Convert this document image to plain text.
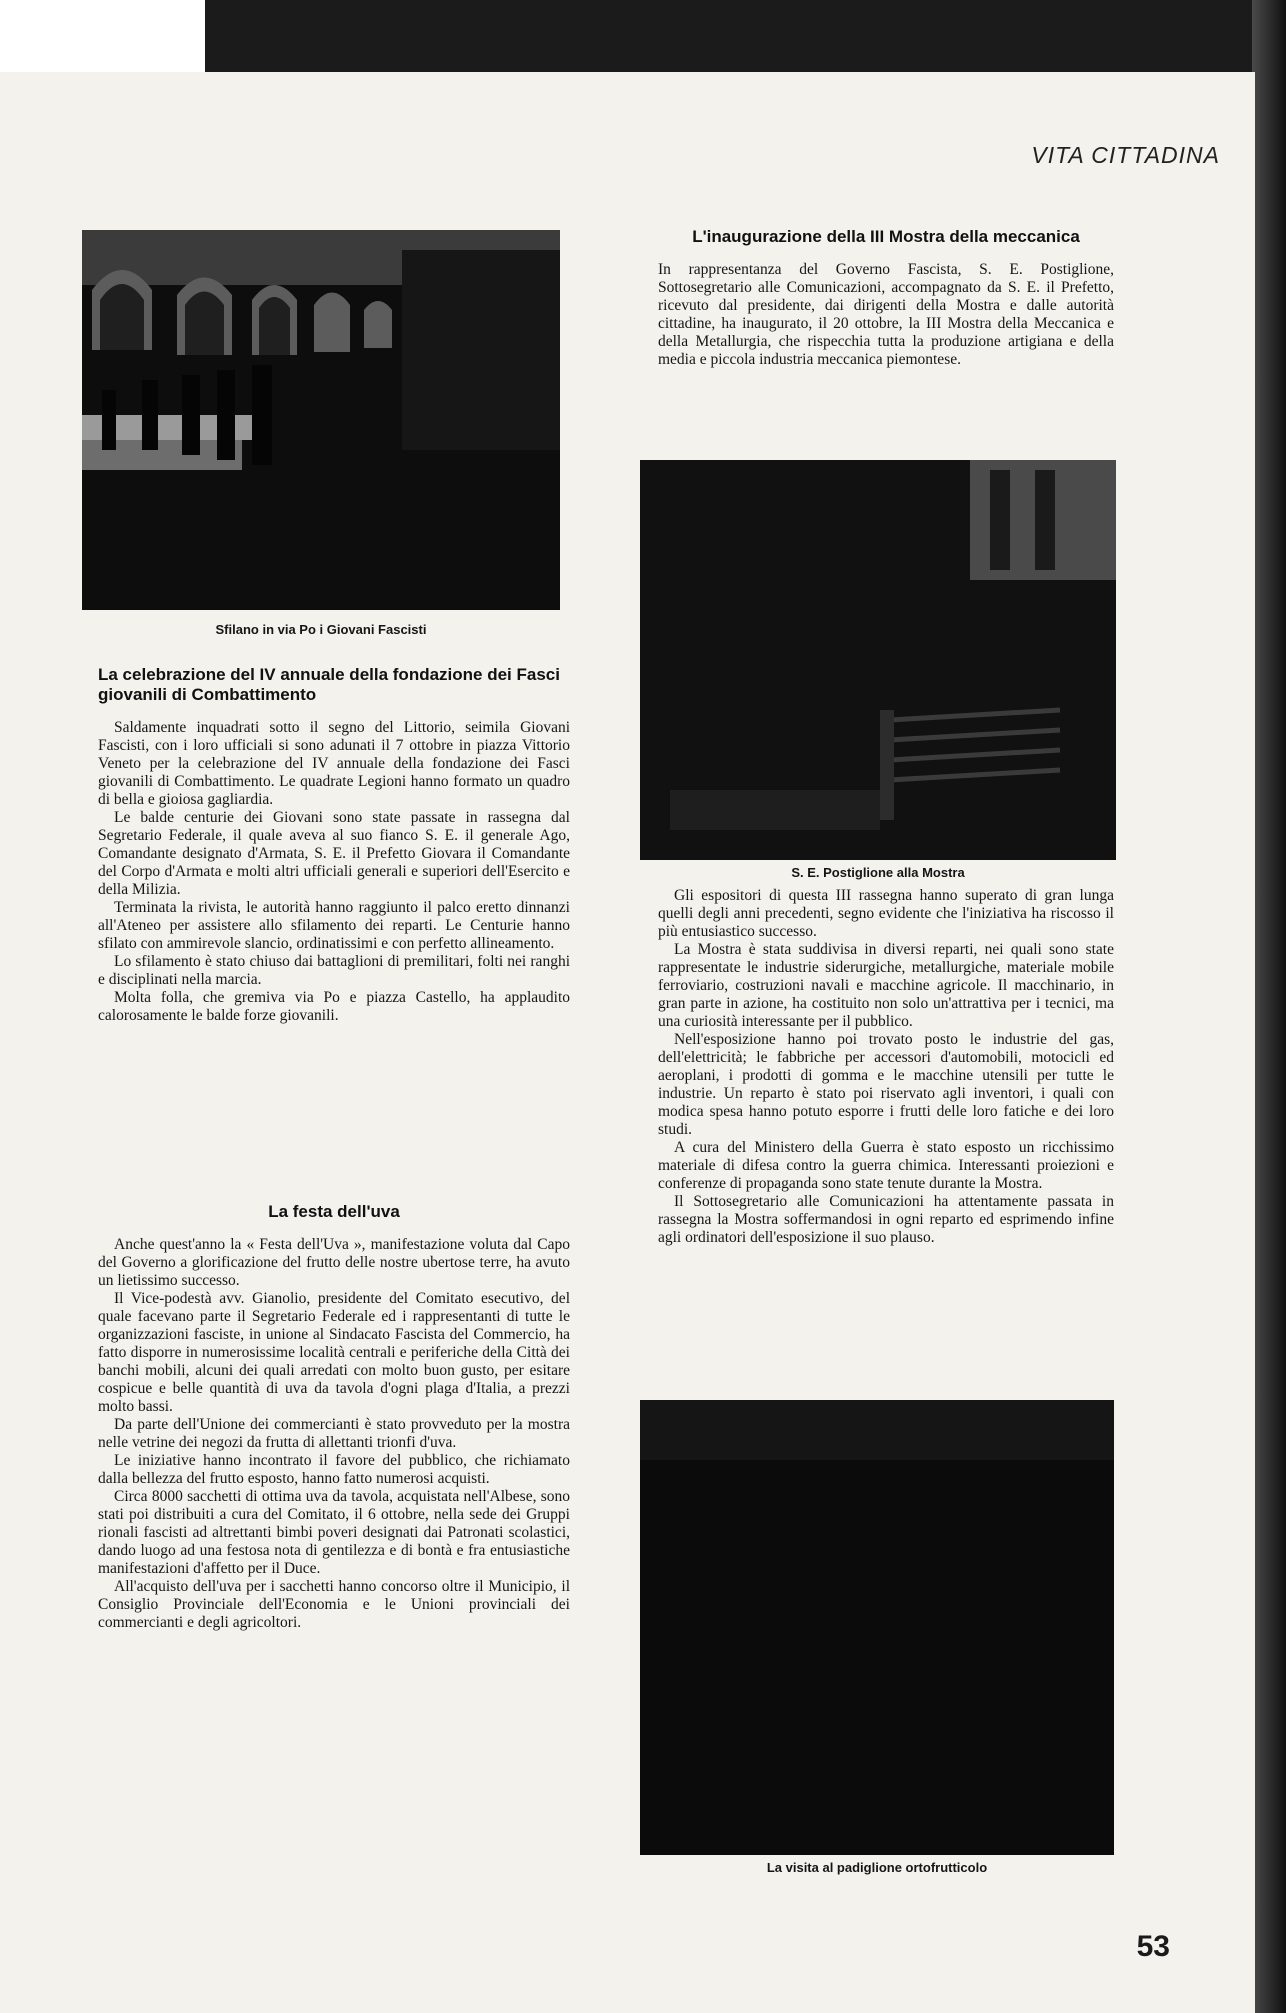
VITA CITTADINA
Sfilano in via Po i Giovani Fascisti
L'inaugurazione della III Mostra della meccanica

In rappresentanza del Governo Fascista, S. E. Postiglione, Sottosegretario alle Comunicazioni, accompagnato da S. E. il Prefetto, ricevuto dal presidente, dai dirigenti della Mostra e dalle autorità cittadine, ha inaugurato, il 20 ottobre, la III Mostra della Meccanica e della Metallurgia, che rispecchia tutta la produzione artigiana e della media e piccola industria meccanica piemontese.

S. E. Postiglione alla Mostra
La celebrazione del IV annuale della fondazione dei Fasci giovanili di Combattimento

Saldamente inquadrati sotto il segno del Littorio, seimila Giovani Fascisti, con i loro ufficiali si sono adunati il 7 ottobre in piazza Vittorio Veneto per la celebrazione del IV annuale della fondazione dei Fasci giovanili di Combattimento. Le quadrate Legioni hanno formato un quadro di bella e gioiosa gagliardia.

Le balde centurie dei Giovani sono state passate in rassegna dal Segretario Federale, il quale aveva al suo fianco S. E. il generale Ago, Comandante designato d'Armata, S. E. il Prefetto Giovara il Comandante del Corpo d'Armata e molti altri ufficiali generali e superiori dell'Esercito e della Milizia.

Terminata la rivista, le autorità hanno raggiunto il palco eretto dinnanzi all'Ateneo per assistere allo sfilamento dei reparti. Le Centurie hanno sfilato con ammirevole slancio, ordinatissimi e con perfetto allineamento.

Lo sfilamento è stato chiuso dai battaglioni di premilitari, folti nei ranghi e disciplinati nella marcia.

Molta folla, che gremiva via Po e piazza Castello, ha applaudito calorosamente le balde forze giovanili.

La festa dell'uva

Anche quest'anno la « Festa dell'Uva », manifestazione voluta dal Capo del Governo a glorificazione del frutto delle nostre ubertose terre, ha avuto un lietissimo successo.

Il Vice-podestà avv. Gianolio, presidente del Comitato esecutivo, del quale facevano parte il Segretario Federale ed i rappresentanti di tutte le organizzazioni fasciste, in unione al Sindacato Fascista del Commercio, ha fatto disporre in numerosissime località centrali e periferiche della Città dei banchi mobili, alcuni dei quali arredati con molto buon gusto, per esitare cospicue e belle quantità di uva da tavola d'ogni plaga d'Italia, a prezzi molto bassi.

Da parte dell'Unione dei commercianti è stato provveduto per la mostra nelle vetrine dei negozi da frutta di allettanti trionfi d'uva.

Le iniziative hanno incontrato il favore del pubblico, che richiamato dalla bellezza del frutto esposto, hanno fatto numerosi acquisti.

Circa 8000 sacchetti di ottima uva da tavola, acquistata nell'Albese, sono stati poi distribuiti a cura del Comitato, il 6 ottobre, nella sede dei Gruppi rionali fascisti ad altrettanti bimbi poveri designati dai Patronati scolastici, dando luogo ad una festosa nota di gentilezza e di bontà e fra entusiastiche manifestazioni d'affetto per il Duce.

All'acquisto dell'uva per i sacchetti hanno concorso oltre il Municipio, il Consiglio Provinciale dell'Economia e le Unioni provinciali dei commercianti e degli agricoltori.

Gli espositori di questa III rassegna hanno superato di gran lunga quelli degli anni precedenti, segno evidente che l'iniziativa ha riscosso il più entusiastico successo.

La Mostra è stata suddivisa in diversi reparti, nei quali sono state rappresentate le industrie siderurgiche, metallurgiche, materiale mobile ferroviario, costruzioni navali e macchine agricole. Il macchinario, in gran parte in azione, ha costituito non solo un'attrattiva per i tecnici, ma una curiosità interessante per il pubblico.

Nell'esposizione hanno poi trovato posto le industrie del gas, dell'elettricità; le fabbriche per accessori d'automobili, motocicli ed aeroplani, i prodotti di gomma e le macchine utensili per tutte le industrie. Un reparto è stato poi riservato agli inventori, i quali con modica spesa hanno potuto esporre i frutti delle loro fatiche e dei loro studi.

A cura del Ministero della Guerra è stato esposto un ricchissimo materiale di difesa contro la guerra chimica. Interessanti proiezioni e conferenze di propaganda sono state tenute durante la Mostra.

Il Sottosegretario alle Comunicazioni ha attentamente passata in rassegna la Mostra soffermandosi in ogni reparto ed esprimendo infine agli ordinatori dell'esposizione il suo plauso.

La visita al padiglione ortofrutticolo
53
